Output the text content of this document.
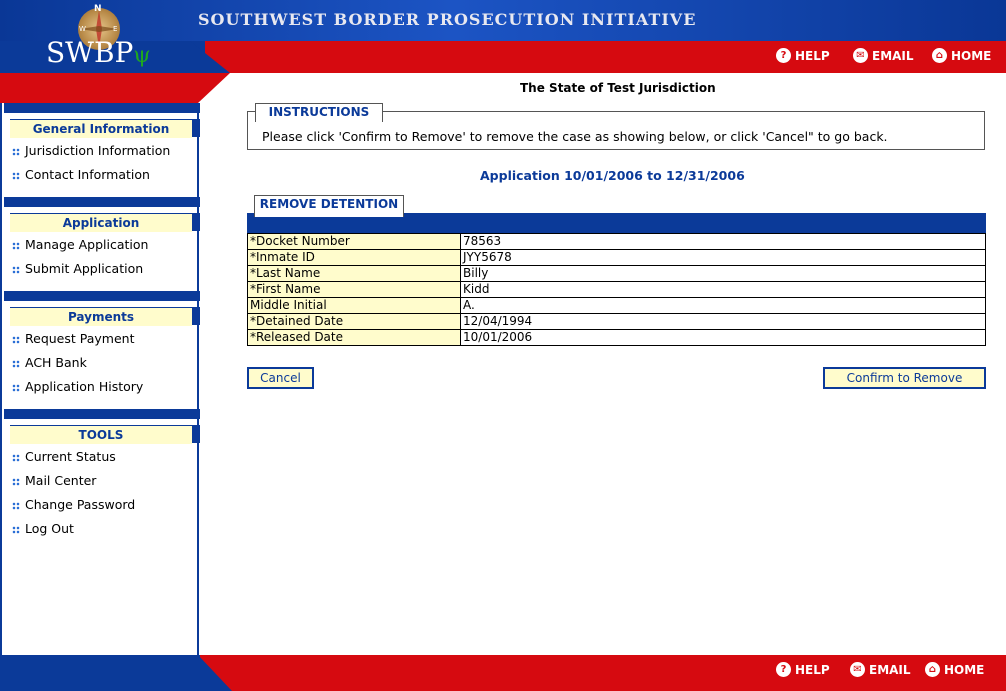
N
W	E
SWBPψ
SOUTHWEST BORDER PROSECUTION INITIATIVE
? HELP	✉ EMAIL	⌂ HOME
General Information
Jurisdiction Information
Contact Information
Application
Manage Application
Submit Application
Payments
Request Payment
ACH Bank
Application History
TOOLS
Current Status
Mail Center
Change Password
Log Out
The State of Test Jurisdiction
INSTRUCTIONS
Please click 'Confirm to Remove' to remove the case as showing below, or click 'Cancel" to go back.
Application 10/01/2006 to 12/31/2006
REMOVE DETENTION
*Docket Number	78563
*Inmate ID	JYY5678
*Last Name	Billy
*First Name	Kidd
Middle Initial	A.
*Detained Date	12/04/1994
*Released Date	10/01/2006
Cancel	Confirm to Remove
? HELP	✉ EMAIL	⌂ HOME
